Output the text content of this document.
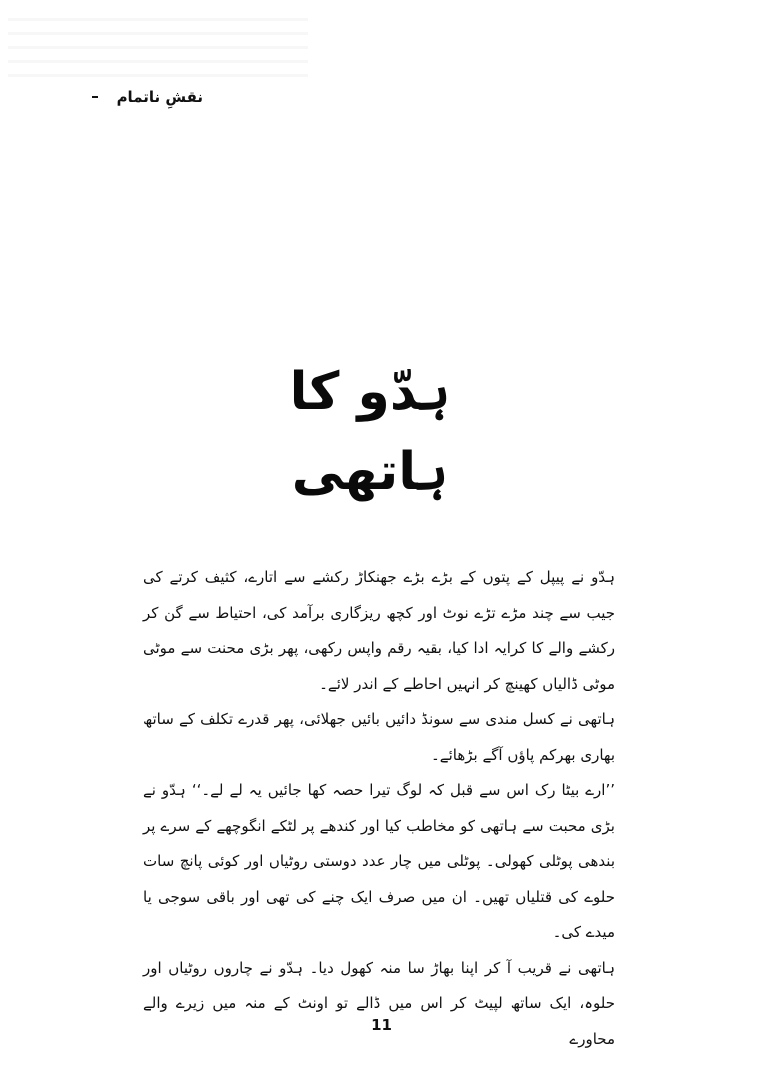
نقشِ ناتمام
ہدّو کا ہاتھی

ہدّو نے پیپل کے پتوں کے بڑے بڑے جھنکاڑ رکشے سے اتارے، کثیف کرتے کی جیب سے چند مڑے تڑے نوٹ اور کچھ ریزگاری برآمد کی، احتیاط سے گن کر رکشے والے کا کرایہ ادا کیا، بقیہ رقم واپس رکھی، پھر بڑی محنت سے موٹی موٹی ڈالیاں کھینچ کر انہیں احاطے کے اندر لائے۔

ہاتھی نے کسل مندی سے سونڈ دائیں بائیں جھلائی، پھر قدرے تکلف کے ساتھ بھاری بھرکم پاؤں آگے بڑھائے۔

’’ارے بیٹا رک اس سے قبل کہ لوگ تیرا حصہ کھا جائیں یہ لے لے۔‘‘ ہدّو نے بڑی محبت سے ہاتھی کو مخاطب کیا اور کندھے پر لٹکے انگوچھے کے سرے پر بندھی پوٹلی کھولی۔ پوٹلی میں چار عدد دوستی روٹیاں اور کوئی پانچ سات حلوے کی قتلیاں تھیں۔ ان میں صرف ایک چنے کی تھی اور باقی سوجی یا میدے کی۔

ہاتھی نے قریب آ کر اپنا بھاڑ سا منہ کھول دیا۔ ہدّو نے چاروں روٹیاں اور حلوہ، ایک ساتھ لپیٹ کر اس میں ڈالے تو اونٹ کے منہ میں زیرے والے محاورے

11
